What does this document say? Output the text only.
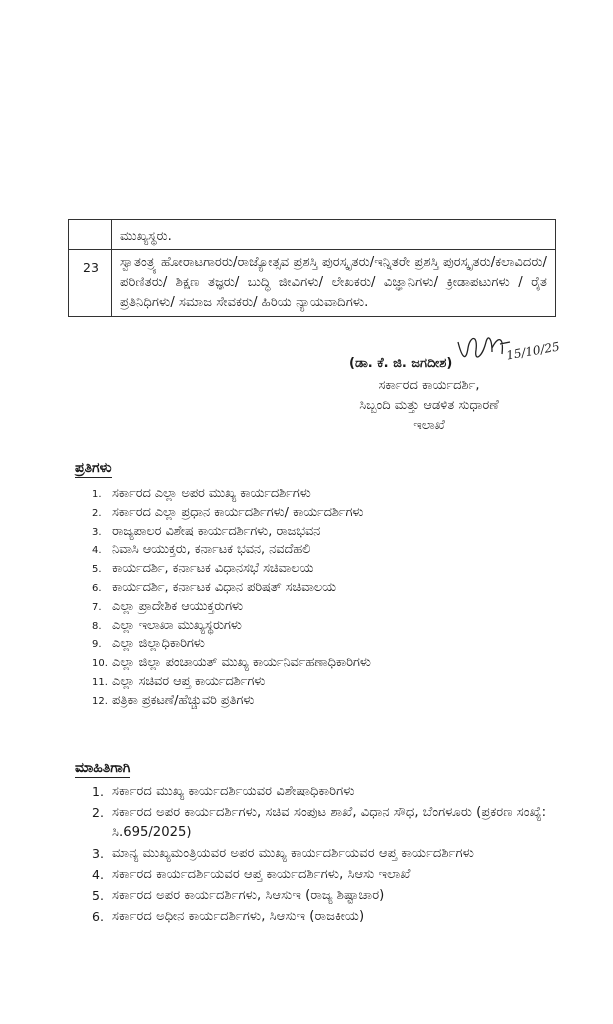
	ಮುಖ್ಯಸ್ಥರು.

23	ಸ್ವಾತಂತ್ರ್ಯ ಹೋರಾಟಗಾರರು/ರಾಜ್ಯೋತ್ಸವ ಪ್ರಶಸ್ತಿ ಪುರಸ್ಕೃತರು/ಇನ್ನಿತರೇ ಪ್ರಶಸ್ತಿ ಪುರಸ್ಕೃತರು/ಕಲಾವಿದರು/ ಪರಿಣಿತರು/ ಶಿಕ್ಷಣ ತಜ್ಞರು/ ಬುದ್ಧಿ ಜೀವಿಗಳು/ ಲೇಖಕರು/ ವಿಜ್ಞಾನಿಗಳು/ ಕ್ರೀಡಾಪಟುಗಳು / ರೈತ ಪ್ರತಿನಿಧಿಗಳು/ ಸಮಾಜ ಸೇವಕರು/ ಹಿರಿಯ ನ್ಯಾಯವಾದಿಗಳು.
15/10/25
(ಡಾ. ಕೆ. ಜಿ. ಜಗದೀಶ)
ಸರ್ಕಾರದ ಕಾರ್ಯದರ್ಶಿ,
ಸಿಬ್ಬಂದಿ ಮತ್ತು ಆಡಳಿತ ಸುಧಾರಣೆ
ಇಲಾಖೆ
ಪ್ರತಿಗಳು
1. ಸರ್ಕಾರದ ಎಲ್ಲಾ ಅಪರ ಮುಖ್ಯ ಕಾರ್ಯದರ್ಶಿಗಳು
2. ಸರ್ಕಾರದ ಎಲ್ಲಾ ಪ್ರಧಾನ ಕಾರ್ಯದರ್ಶಿಗಳು/ ಕಾರ್ಯದರ್ಶಿಗಳು
3. ರಾಜ್ಯಪಾಲರ ವಿಶೇಷ ಕಾರ್ಯದರ್ಶಿಗಳು, ರಾಜಭವನ
4. ನಿವಾಸಿ ಆಯುಕ್ತರು, ಕರ್ನಾಟಕ ಭವನ, ನವದೆಹಲಿ
5. ಕಾರ್ಯದರ್ಶಿ, ಕರ್ನಾಟಕ ವಿಧಾನಸಭೆ ಸಚಿವಾಲಯ
6. ಕಾರ್ಯದರ್ಶಿ, ಕರ್ನಾಟಕ ವಿಧಾನ ಪರಿಷತ್ ಸಚಿವಾಲಯ
7. ಎಲ್ಲಾ ಪ್ರಾದೇಶಿಕ ಆಯುಕ್ತರುಗಳು
8. ಎಲ್ಲಾ ಇಲಾಖಾ ಮುಖ್ಯಸ್ಥರುಗಳು
9. ಎಲ್ಲಾ ಜಿಲ್ಲಾಧಿಕಾರಿಗಳು
10. ಎಲ್ಲಾ ಜಿಲ್ಲಾ ಪಂಚಾಯತ್ ಮುಖ್ಯ ಕಾರ್ಯನಿರ್ವಹಣಾಧಿಕಾರಿಗಳು
11. ಎಲ್ಲಾ ಸಚಿವರ ಆಪ್ತ ಕಾರ್ಯದರ್ಶಿಗಳು
12. ಪತ್ರಿಕಾ ಪ್ರಕಟಣೆ/ಹೆಚ್ಚುವರಿ ಪ್ರತಿಗಳು
ಮಾಹಿತಿಗಾಗಿ
1. ಸರ್ಕಾರದ ಮುಖ್ಯ ಕಾರ್ಯದರ್ಶಿಯವರ ವಿಶೇಷಾಧಿಕಾರಿಗಳು
2. ಸರ್ಕಾರದ ಅಪರ ಕಾರ್ಯದರ್ಶಿಗಳು, ಸಚಿವ ಸಂಪುಟ ಶಾಖೆ, ವಿಧಾನ ಸೌಧ, ಬೆಂಗಳೂರು (ಪ್ರಕರಣ ಸಂಖ್ಯೆ: ಸಿ.695/2025)
3. ಮಾನ್ಯ ಮುಖ್ಯಮಂತ್ರಿಯವರ ಅಪರ ಮುಖ್ಯ ಕಾರ್ಯದರ್ಶಿಯವರ ಆಪ್ತ ಕಾರ್ಯದರ್ಶಿಗಳು
4. ಸರ್ಕಾರದ ಕಾರ್ಯದರ್ಶಿಯವರ ಆಪ್ತ ಕಾರ್ಯದರ್ಶಿಗಳು, ಸಿಆಸು ಇಲಾಖೆ
5. ಸರ್ಕಾರದ ಅಪರ ಕಾರ್ಯದರ್ಶಿಗಳು, ಸಿಆಸುಇ (ರಾಜ್ಯ ಶಿಷ್ಟಾಚಾರ)
6. ಸರ್ಕಾರದ ಅಧೀನ ಕಾರ್ಯದರ್ಶಿಗಳು, ಸಿಆಸುಇ (ರಾಜಕೀಯ)
